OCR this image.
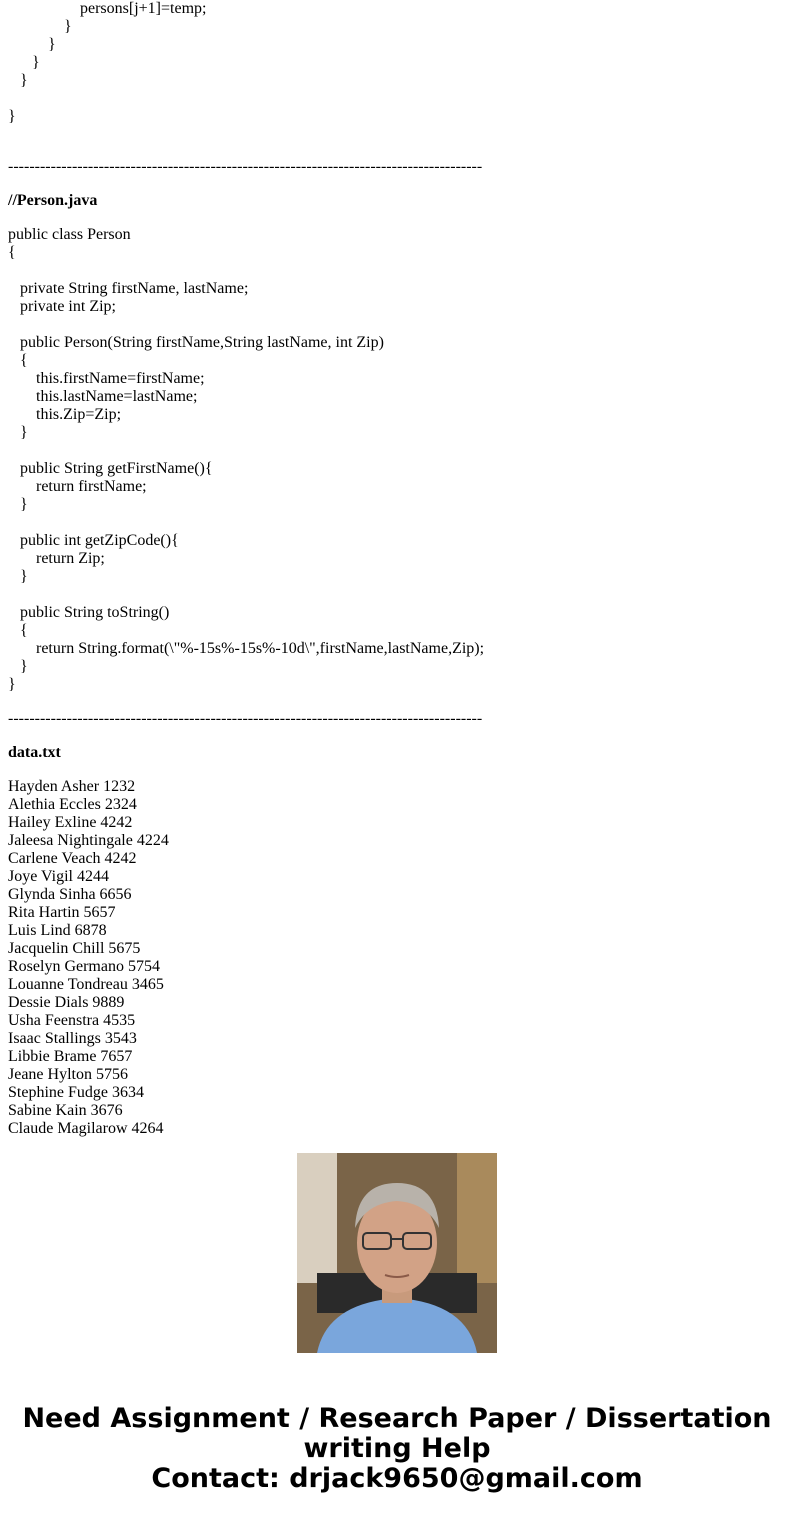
persons[j+1]=temp;
}
}
}
}
}
-----------------------------------------------------------------------------------------
//Person.java
public class Person
{
private String firstName, lastName;
private int Zip;
public Person(String firstName,String lastName, int Zip)
{
this.firstName=firstName;
this.lastName=lastName;
this.Zip=Zip;
}
public String getFirstName(){
return firstName;
}
public int getZipCode(){
return Zip;
}
public String toString()
{
return String.format(\"%-15s%-15s%-10d\",firstName,lastName,Zip);
}
}
-----------------------------------------------------------------------------------------
data.txt
Hayden Asher 1232
Alethia Eccles 2324
Hailey Exline 4242
Jaleesa Nightingale 4224
Carlene Veach 4242
Joye Vigil 4244
Glynda Sinha 6656
Rita Hartin 5657
Luis Lind 6878
Jacquelin Chill 5675
Roselyn Germano 5754
Louanne Tondreau 3465
Dessie Dials 9889
Usha Feenstra 4535
Isaac Stallings 3543
Libbie Brame 7657
Jeane Hylton 5756
Stephine Fudge 3634
Sabine Kain 3676
Claude Magilarow 4264
Need Assignment / Research Paper / Dissertation
writing Help
Contact: drjack9650@gmail.com
